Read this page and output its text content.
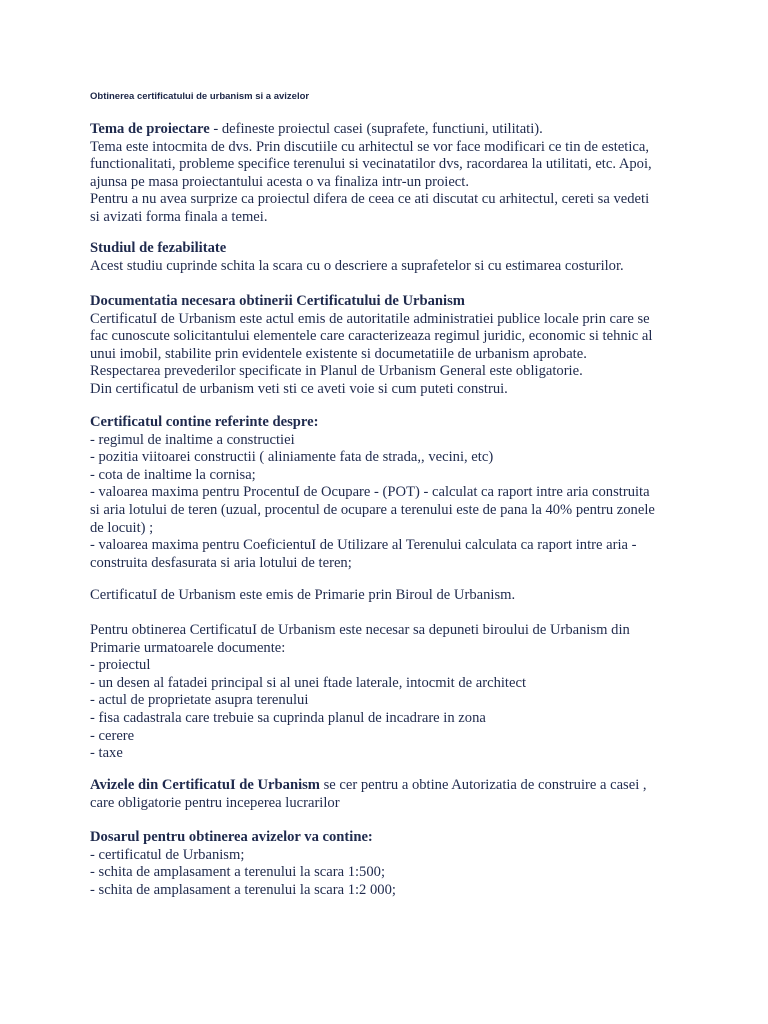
Obtinerea certificatului de urbanism si a avizelor
Tema de proiectare - defineste proiectul casei (suprafete, functiuni, utilitati).
Tema este intocmita de dvs. Prin discutiile cu arhitectul se vor face modificari ce tin de estetica,
functionalitati, probleme specifice terenului si vecinatatilor dvs, racordarea la utilitati, etc. Apoi,
ajunsa pe masa proiectantului acesta o va finaliza intr-un proiect.
Pentru a nu avea surprize ca proiectul difera de ceea ce ati discutat cu arhitectul, cereti sa vedeti
si avizati forma finala a temei.
Studiul de fezabilitate
Acest studiu cuprinde schita la scara cu o descriere a suprafetelor si cu estimarea costurilor.
Documentatia necesara obtinerii Certificatului de Urbanism
CertificatuI de Urbanism este actul emis de autoritatile administratiei publice locale prin care se
fac cunoscute solicitantului elementele care caracterizeaza regimul juridic, economic si tehnic al
unui imobil, stabilite prin evidentele existente si documetatiile de urbanism aprobate.
Respectarea prevederilor specificate in Planul de Urbanism General este obligatorie.
Din certificatul de urbanism veti sti ce aveti voie si cum puteti construi.
Certificatul contine referinte despre:
- regimul de inaltime a constructiei
- pozitia viitoarei constructii ( aliniamente fata de strada,, vecini, etc)
- cota de inaltime la cornisa;
- valoarea maxima pentru ProcentuI de Ocupare - (POT) - calculat ca raport intre aria construita
si aria lotului de teren (uzual, procentul de ocupare a terenului este de pana la 40% pentru zonele
de locuit) ;
- valoarea maxima pentru CoeficientuI de Utilizare al Terenului calculata ca raport intre aria -
construita desfasurata si aria lotului de teren;
CertificatuI de Urbanism este emis de Primarie prin Biroul de Urbanism.
Pentru obtinerea CertificatuI de Urbanism este necesar sa depuneti biroului de Urbanism din
Primarie urmatoarele documente:
- proiectul
- un desen al fatadei principal si al unei ftade laterale, intocmit de architect
- actul de proprietate asupra terenului
- fisa cadastrala care trebuie sa cuprinda planul de incadrare in zona
- cerere
- taxe
Avizele din CertificatuI de Urbanism se cer pentru a obtine Autorizatia de construire a casei ,
care obligatorie pentru inceperea lucrarilor
Dosarul pentru obtinerea avizelor va contine:
- certificatul de Urbanism;
- schita de amplasament a terenului la scara 1:500;
- schita de amplasament a terenului la scara 1:2 000;
